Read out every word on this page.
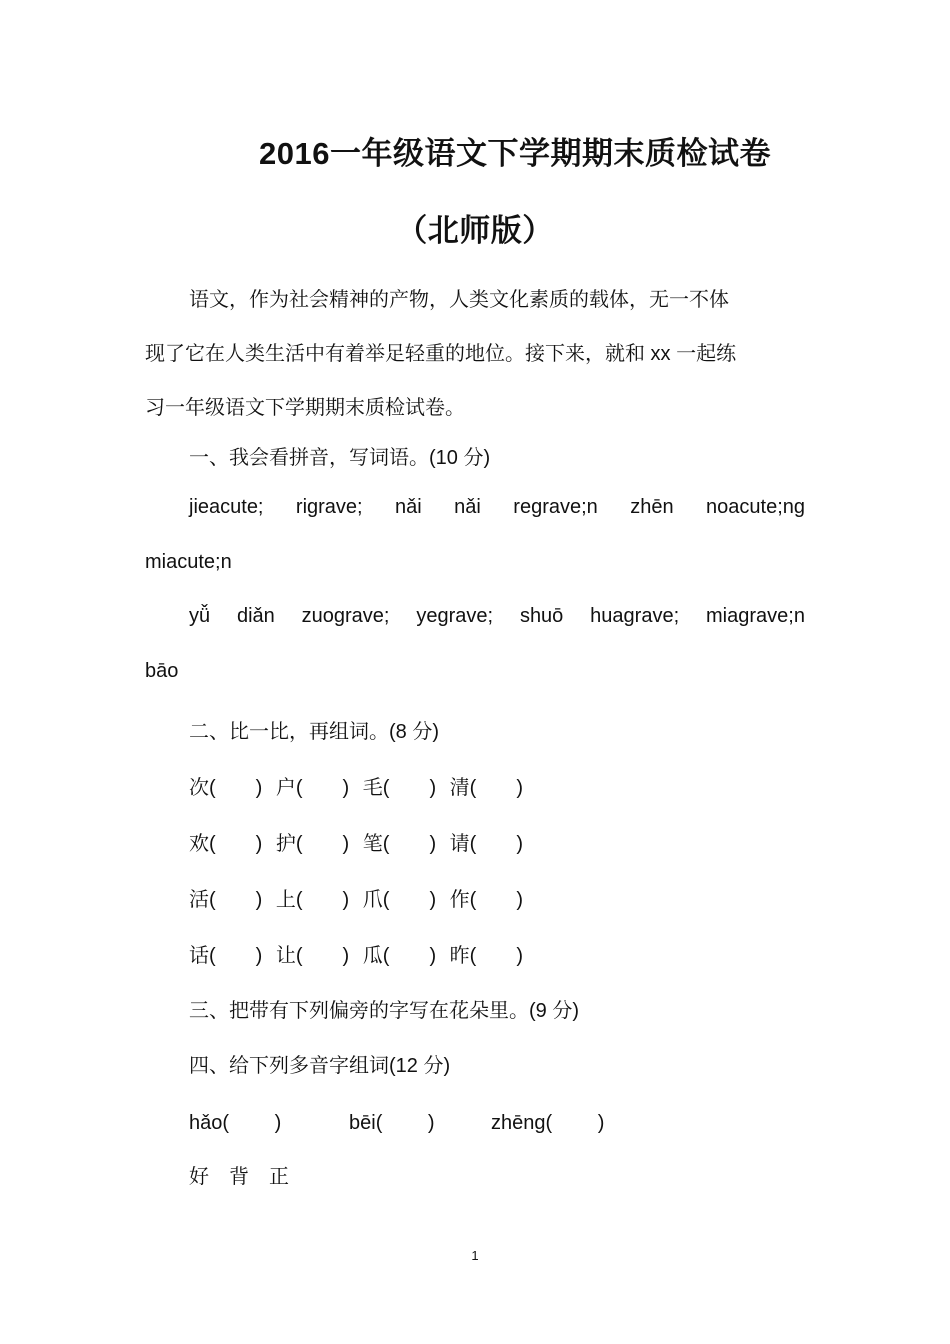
2016一年级语文下学期期末质检试卷
（北师版）
语文，作为社会精神的产物，人类文化素质的载体，无一不体
现了它在人类生活中有着举足轻重的地位。接下来，就和 xx 一起练
习一年级语文下学期期末质检试卷。
一、我会看拼音，写词语。(10 分)
jieacute; rigrave; nǎi nǎi regrave;n zhēn noacute;ng
miacute;n
yǚ diǎn zuograve; yegrave; shuō huagrave; miagrave;n
bāo
二、比一比，再组词。(8 分)
次(　　) 户(　　) 毛(　　) 清(　　)
欢(　　) 护(　　) 笔(　　) 请(　　)
活(　　) 上(　　) 爪(　　) 作(　　)
话(　　) 让(　　) 瓜(　　) 昨(　　)
三、把带有下列偏旁的字写在花朵里。(9 分)
四、给下列多音字组词(12 分)
hǎo(　　 )	bēi(　　 )	zhēng(　　 )
好　背　正
1
